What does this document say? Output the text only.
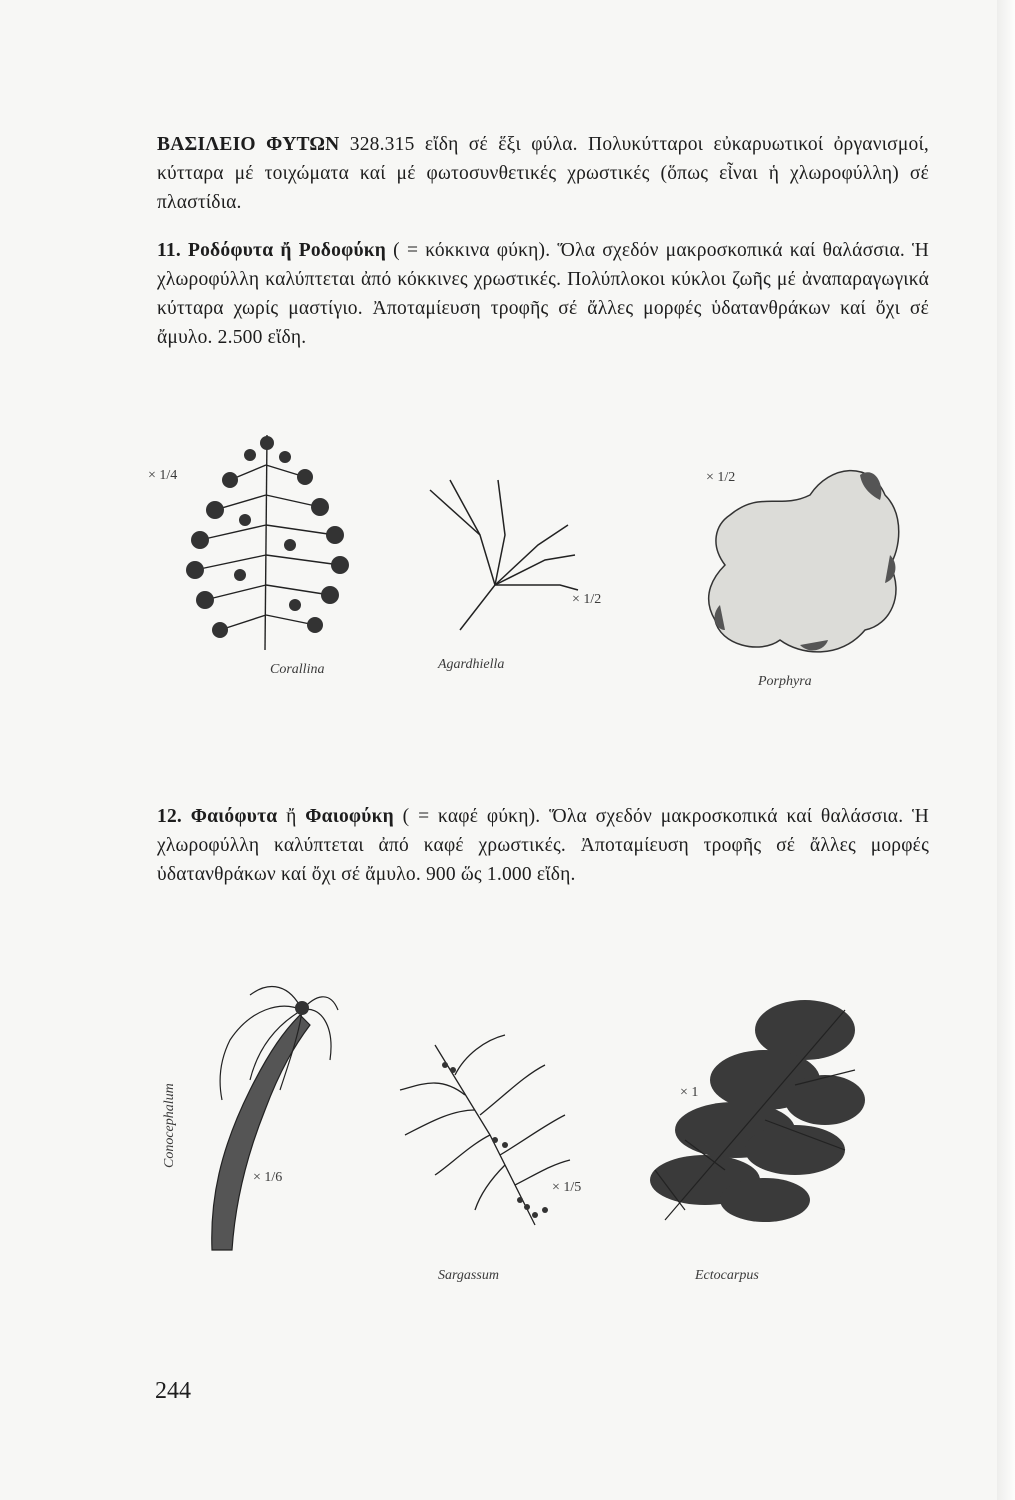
ΒΑΣΙΛΕΙΟ ΦΥΤΩΝ 328.315 εἴδη σέ ἕξι φύλα. Πολυκύτταροι εὐκαρυωτικοί ὀργανισμοί, κύτταρα μέ τοιχώματα καί μέ φωτοσυνθετικές χρωστικές (ὅπως εἶναι ἡ χλωροφύλλη) σέ πλαστίδια.
11. Ροδόφυτα ἤ Ροδοφύκη ( = κόκκινα φύκη). Ὅλα σχεδόν μακροσκοπικά καί θαλάσσια. Ἡ χλωροφύλλη καλύπτεται ἀπό κόκκινες χρωστικές. Πολύπλοκοι κύκλοι ζωῆς μέ ἀναπαραγωγικά κύτταρα χωρίς μαστίγιο. Ἀποταμίευση τροφῆς σέ ἄλλες μορφές ὑδατανθράκων καί ὄχι σέ ἄμυλο. 2.500 εἴδη.
× 1/4
Corallina
× 1/2
Agardhiella
× 1/2
Porphyra
12. Φαιόφυτα ἤ Φαιοφύκη ( = καφέ φύκη). Ὅλα σχεδόν μακροσκοπικά καί θαλάσσια. Ἡ χλωροφύλλη καλύπτεται ἀπό καφέ χρωστικές. Ἀποταμίευση τροφῆς σέ ἄλλες μορφές ὑδατανθράκων καί ὄχι σέ ἄμυλο. 900 ὥς 1.000 εἴδη.
Conocephalum
× 1/6
× 1/5
Sargassum
× 1
Ectocarpus
244
